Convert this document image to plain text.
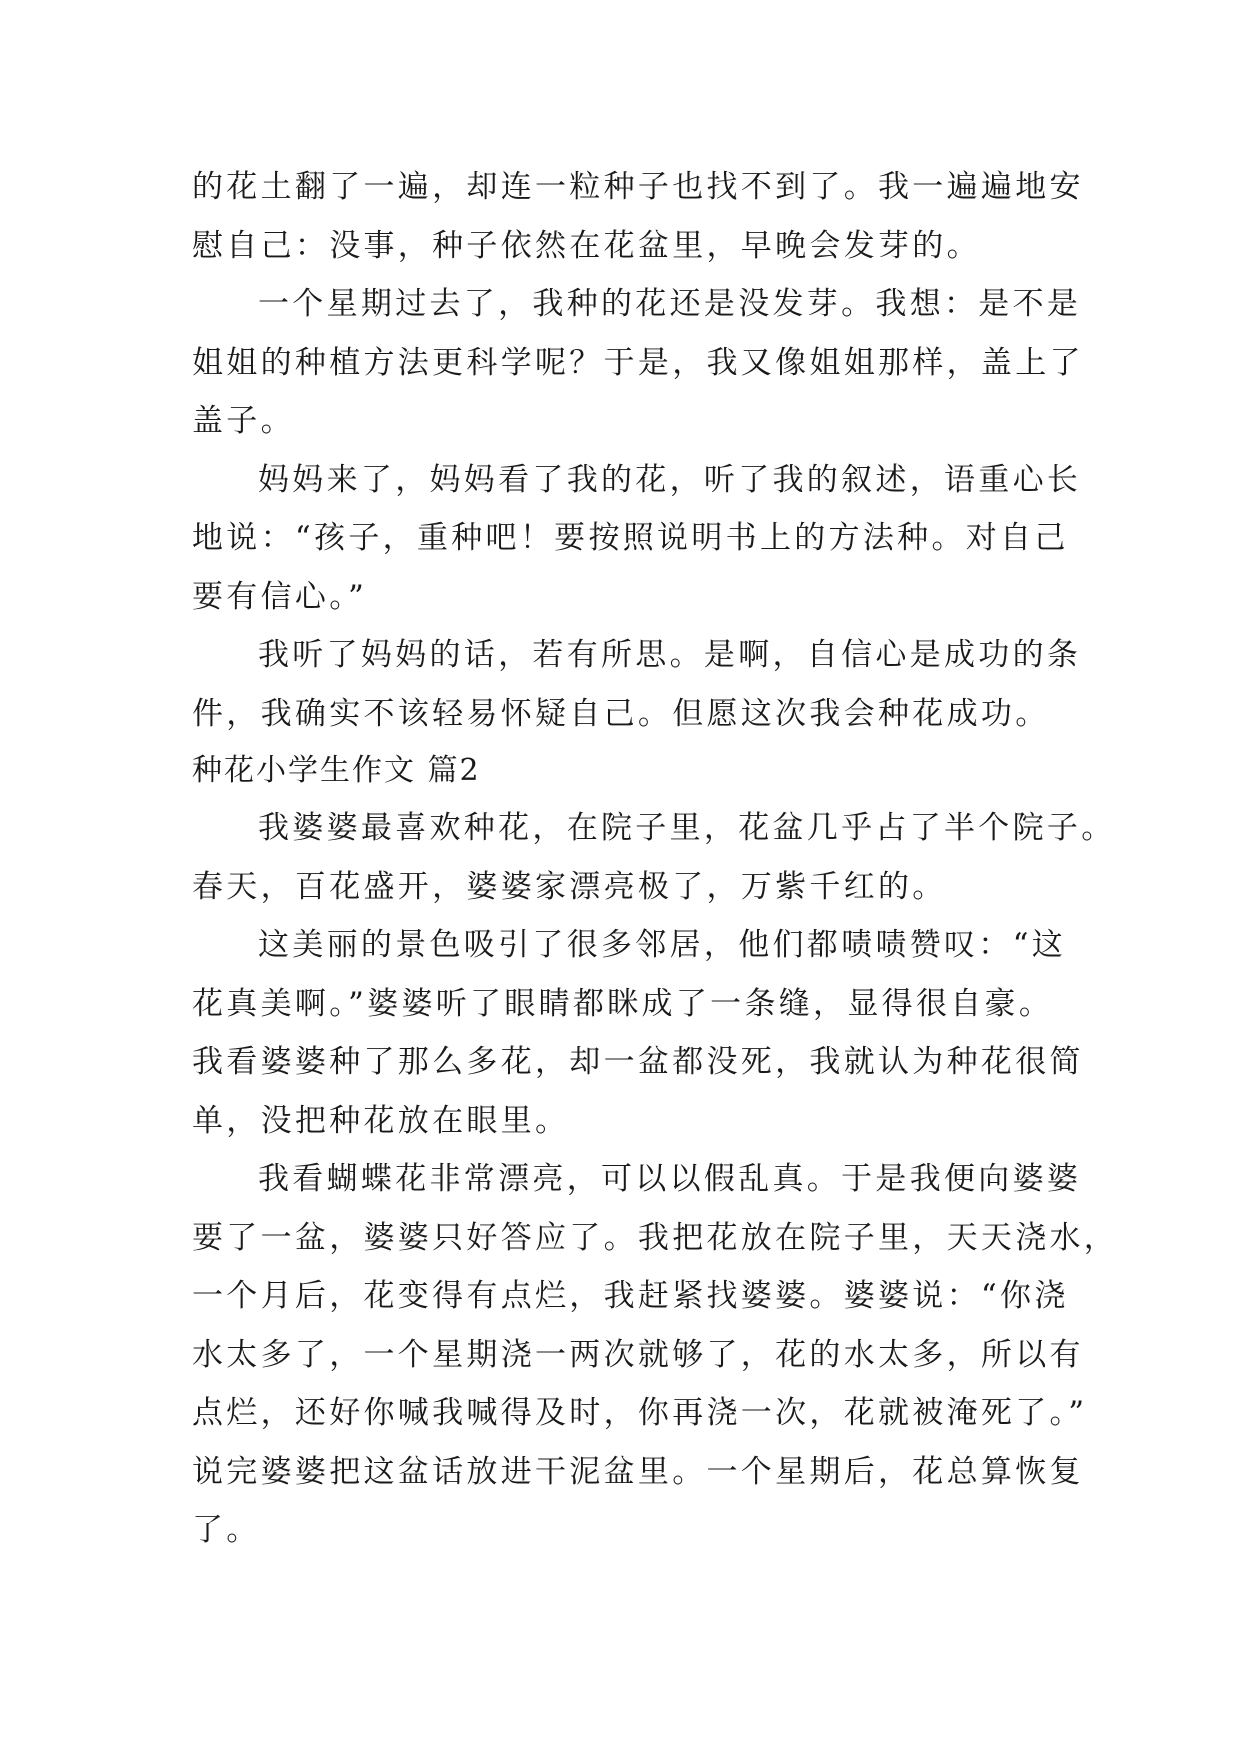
的花土翻了一遍，却连一粒种子也找不到了。我一遍遍地安
慰自己：没事，种子依然在花盆里，早晚会发芽的。
一个星期过去了，我种的花还是没发芽。我想：是不是
姐姐的种植方法更科学呢？于是，我又像姐姐那样，盖上了
盖子。
妈妈来了，妈妈看了我的花，听了我的叙述，语重心长
地说：“孩子，重种吧！要按照说明书上的方法种。对自己
要有信心。”
我听了妈妈的话，若有所思。是啊，自信心是成功的条
件，我确实不该轻易怀疑自己。但愿这次我会种花成功。
种花小学生作文 篇2
我婆婆最喜欢种花，在院子里，花盆几乎占了半个院子。
春天，百花盛开，婆婆家漂亮极了，万紫千红的。
这美丽的景色吸引了很多邻居，他们都啧啧赞叹：“这
花真美啊。”婆婆听了眼睛都眯成了一条缝，显得很自豪。
我看婆婆种了那么多花，却一盆都没死，我就认为种花很简
单，没把种花放在眼里。
我看蝴蝶花非常漂亮，可以以假乱真。于是我便向婆婆
要了一盆，婆婆只好答应了。我把花放在院子里，天天浇水，
一个月后，花变得有点烂，我赶紧找婆婆。婆婆说：“你浇
水太多了，一个星期浇一两次就够了，花的水太多，所以有
点烂，还好你喊我喊得及时，你再浇一次，花就被淹死了。”
说完婆婆把这盆话放进干泥盆里。一个星期后，花总算恢复
了。
